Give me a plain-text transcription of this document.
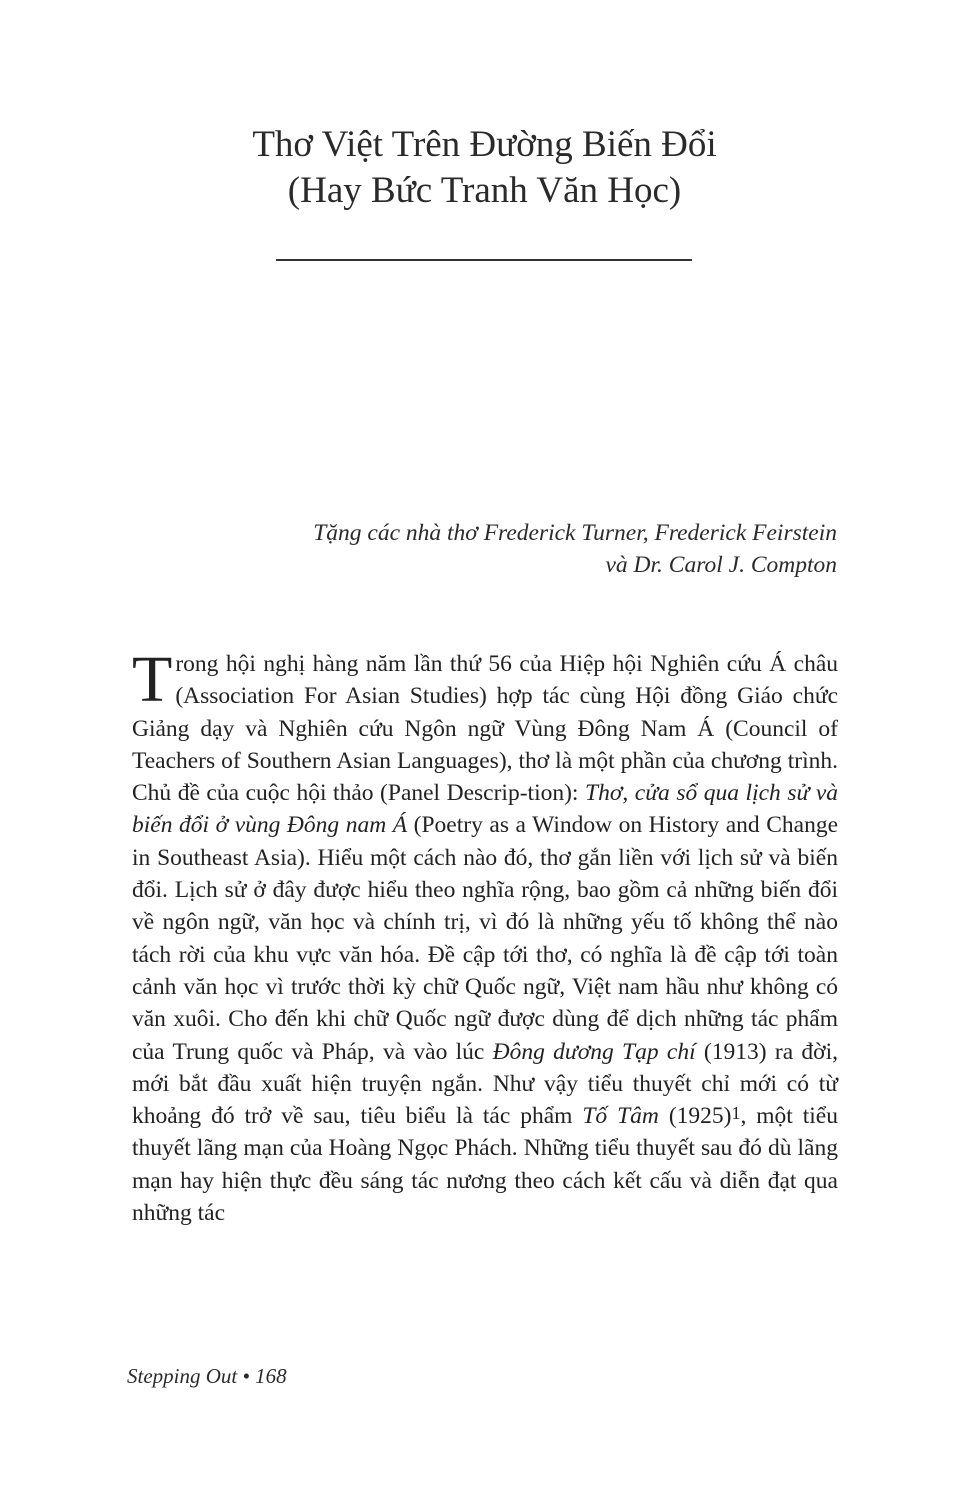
Thơ Việt Trên Đường Biến Đổi
(Hay Bức Tranh Văn Học)
Tặng các nhà thơ Frederick Turner, Frederick Feirstein
và Dr. Carol J. Compton
Trong hội nghị hàng năm lần thứ 56 của Hiệp hội Nghiên cứu Á châu (Association For Asian Studies) hợp tác cùng Hội đồng Giáo chức Giảng dạy và Nghiên cứu Ngôn ngữ Vùng Đông Nam Á (Council of Teachers of Southern Asian Languages), thơ là một phần của chương trình. Chủ đề của cuộc hội thảo (Panel Descrip-tion): Thơ, cửa sổ qua lịch sử và biến đổi ở vùng Đông nam Á (Poetry as a Window on History and Change in Southeast Asia). Hiểu một cách nào đó, thơ gắn liền với lịch sử và biến đổi. Lịch sử ở đây được hiểu theo nghĩa rộng, bao gồm cả những biến đổi về ngôn ngữ, văn học và chính trị, vì đó là những yếu tố không thể nào tách rời của khu vực văn hóa. Đề cập tới thơ, có nghĩa là đề cập tới toàn cảnh văn học vì trước thời kỳ chữ Quốc ngữ, Việt nam hầu như không có văn xuôi. Cho đến khi chữ Quốc ngữ được dùng để dịch những tác phẩm của Trung quốc và Pháp, và vào lúc Đông dương Tạp chí (1913) ra đời, mới bắt đầu xuất hiện truyện ngắn. Như vậy tiểu thuyết chỉ mới có từ khoảng đó trở về sau, tiêu biểu là tác phẩm Tố Tâm (1925)$^1$, một tiểu thuyết lãng mạn của Hoàng Ngọc Phách. Những tiểu thuyết sau đó dù lãng mạn hay hiện thực đều sáng tác nương theo cách kết cấu và diễn đạt qua những tác
Stepping Out • 168
